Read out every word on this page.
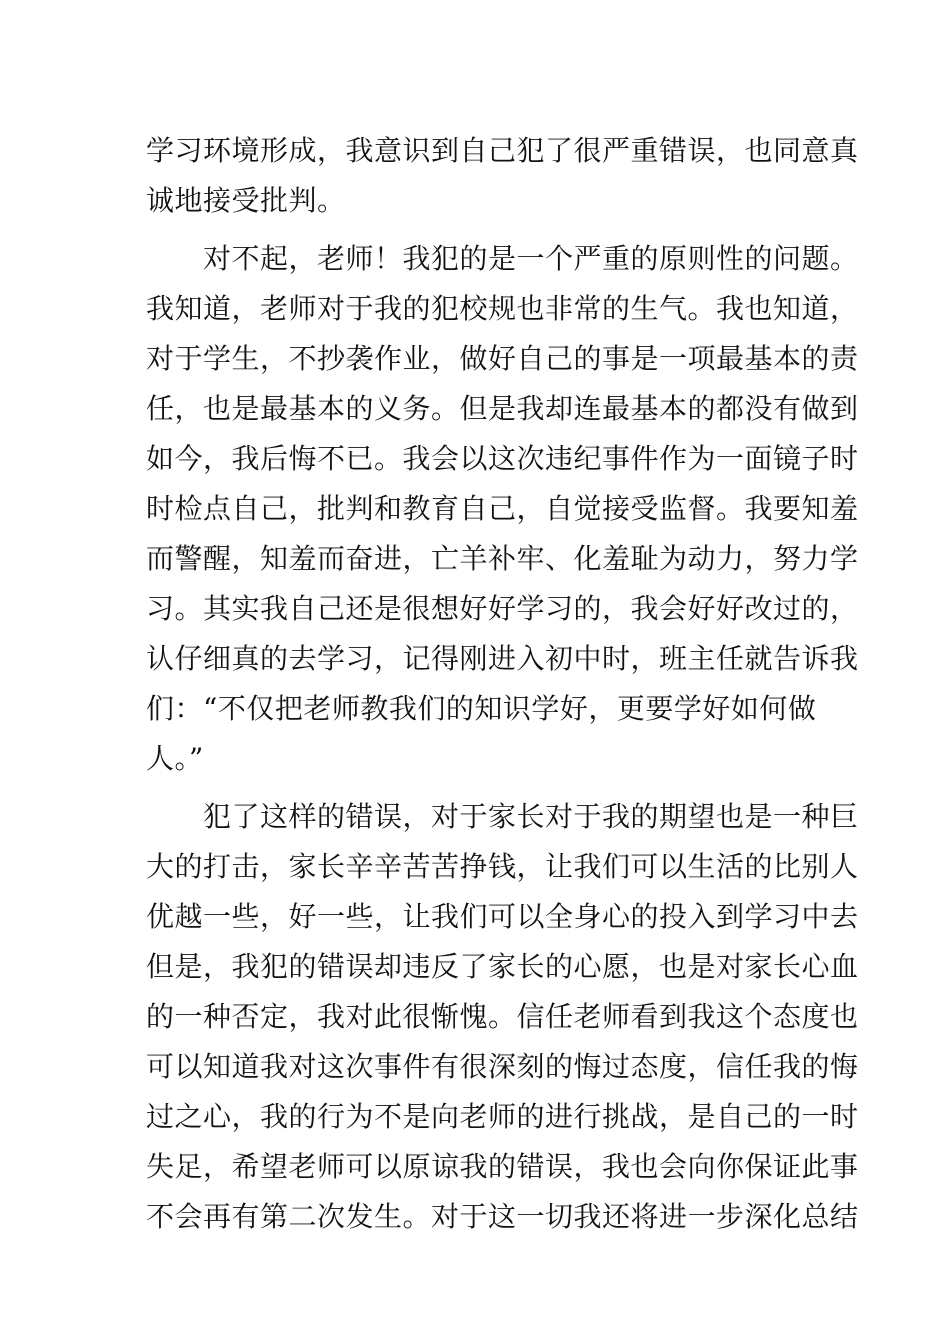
学习环境形成，我意识到自己犯了很严重错误，也同意真
诚地接受批判。
　　对不起，老师！我犯的是一个严重的原则性的问题。
我知道，老师对于我的犯校规也非常的生气。我也知道，
对于学生，不抄袭作业，做好自己的事是一项最基本的责
任，也是最基本的义务。但是我却连最基本的都没有做到
如今，我后悔不已。我会以这次违纪事件作为一面镜子时
时检点自己，批判和教育自己，自觉接受监督。我要知羞
而警醒，知羞而奋进，亡羊补牢、化羞耻为动力，努力学
习。其实我自己还是很想好好学习的，我会好好改过的，
认仔细真的去学习，记得刚进入初中时，班主任就告诉我
们：“不仅把老师教我们的知识学好，更要学好如何做
人。”
　　犯了这样的错误，对于家长对于我的期望也是一种巨
大的打击，家长辛辛苦苦挣钱，让我们可以生活的比别人
优越一些，好一些，让我们可以全身心的投入到学习中去
但是，我犯的错误却违反了家长的心愿，也是对家长心血
的一种否定，我对此很惭愧。信任老师看到我这个态度也
可以知道我对这次事件有很深刻的悔过态度，信任我的悔
过之心，我的行为不是向老师的进行挑战，是自己的一时
失足，希望老师可以原谅我的错误，我也会向你保证此事
不会再有第二次发生。对于这一切我还将进一步深化总结
